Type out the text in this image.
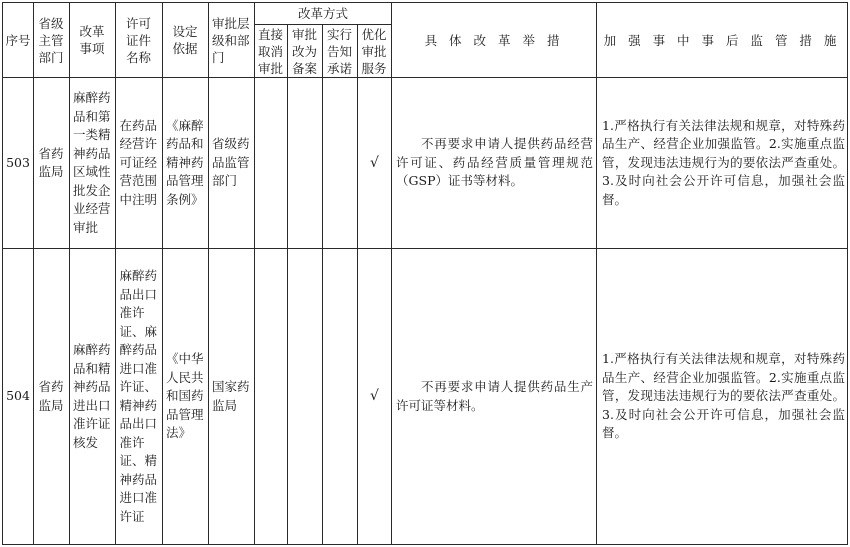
序号	省级主管部门	改革事项	许可证件名称	设定依据	审批层级和部门	改革方式				具 体 改 革 举 措	加 强 事 中 事 后 监 管 措 施

						直接取消审批	审批改为备案	实行告知承诺	优化审批服务		

503	省药监局	麻醉药品和第一类精神药品区域性批发企业经营审批	在药品经营许可证经营范围中注明	《麻醉药品和精神药品管理条例》	省级药品监管部门				√	不再要求申请人提供药品经营许可证、药品经营质量管理规范（GSP）证书等材料。	1.严格执行有关法律法规和规章，对特殊药品生产、经营企业加强监管。2.实施重点监管，发现违法违规行为的要依法严查重处。3.及时向社会公开许可信息，加强社会监督。
504	省药监局	麻醉药品和精神药品进出口准许证核发	麻醉药品出口准许证、麻醉药品进口准许证、精神药品出口准许证、精神药品进口准许证	《中华人民共和国药品管理法》	国家药监局				√	不再要求申请人提供药品生产许可证等材料。	1.严格执行有关法律法规和规章，对特殊药品生产、经营企业加强监管。2.实施重点监管，发现违法违规行为的要依法严查重处。3.及时向社会公开许可信息，加强社会监督。
